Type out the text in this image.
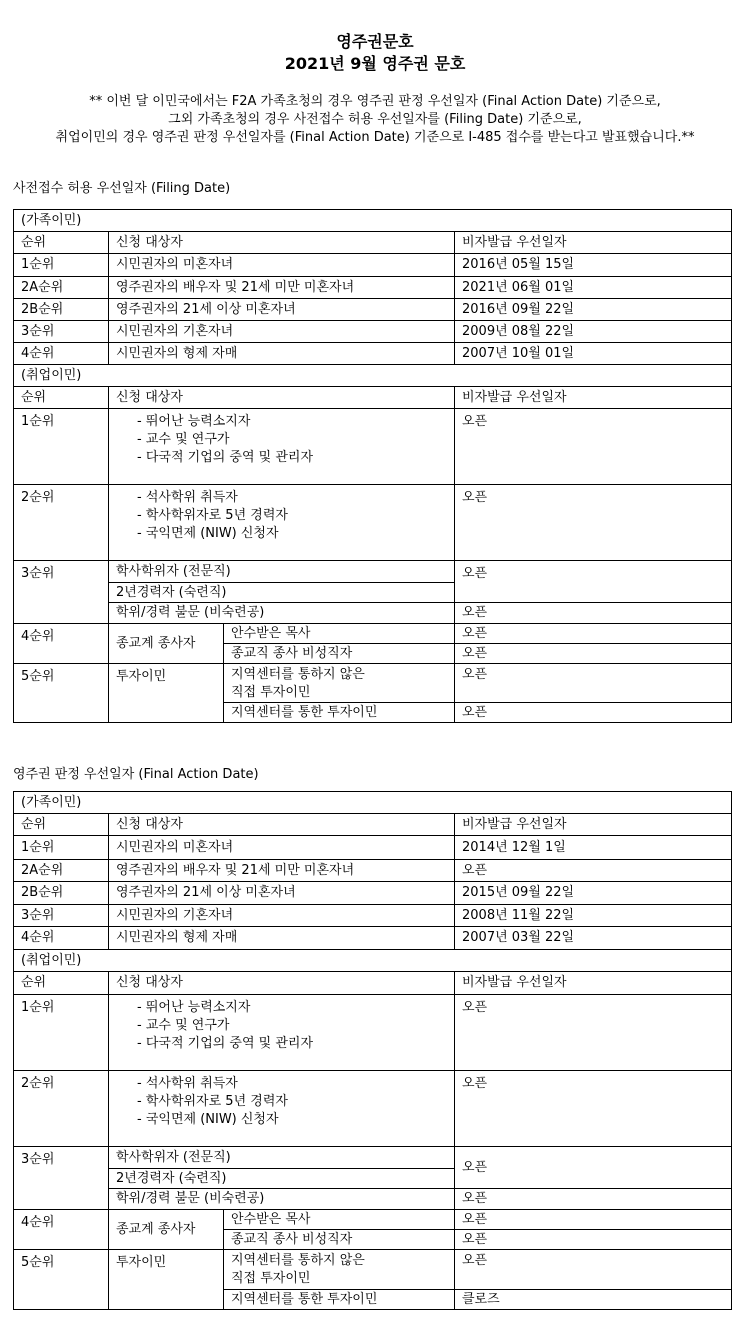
영주권문호
2021년 9월 영주권 문호
** 이번 달 이민국에서는 F2A 가족초청의 경우 영주권 판정 우선일자 (Final Action Date) 기준으로,
그외 가족초청의 경우 사전접수 허용 우선일자를 (Filing Date) 기준으로,
취업이민의 경우 영주권 판정 우선일자를 (Final Action Date) 기준으로 I-485 접수를 받는다고 발표했습니다.**
사전접수 허용 우선일자 (Filing Date)
(가족이민)			
순위	신청 대상자		비자발급 우선일자
1순위	시민권자의 미혼자녀		2016년 05월 15일
2A순위	영주권자의 배우자 및 21세 미만 미혼자녀		2021년 06월 01일
2B순위	영주권자의 21세 이상 미혼자녀		2016년 09월 22일
3순위	시민권자의 기혼자녀		2009년 08월 22일
4순위	시민권자의 형제 자매		2007년 10월 01일
(취업이민)			
순위	신청 대상자		비자발급 우선일자
1순위	- 뛰어난 능력소지자
- 교수 및 연구가
- 다국적 기업의 중역 및 관리자		오픈
2순위	- 석사학위 취득자
- 학사학위자로 5년 경력자
- 국익면제 (NIW) 신청자		오픈
3순위	학사학위자 (전문직)		오픈
	2년경력자 (숙련직)		
	학위/경력 불문 (비숙련공)		오픈
4순위	종교계 종사자	안수받은 목사	오픈
		종교직 종사 비성직자	오픈
5순위	투자이민	지역센터를 통하지 않은
직접 투자이민	오픈
		지역센터를 통한 투자이민	오픈
영주권 판정 우선일자 (Final Action Date)
(가족이민)			
순위	신청 대상자		비자발급 우선일자
1순위	시민권자의 미혼자녀		2014년 12월 1일
2A순위	영주권자의 배우자 및 21세 미만 미혼자녀		오픈
2B순위	영주권자의 21세 이상 미혼자녀		2015년 09월 22일
3순위	시민권자의 기혼자녀		2008년 11월 22일
4순위	시민권자의 형제 자매		2007년 03월 22일
(취업이민)			
순위	신청 대상자		비자발급 우선일자
1순위	- 뛰어난 능력소지자
- 교수 및 연구가
- 다국적 기업의 중역 및 관리자		오픈
2순위	- 석사학위 취득자
- 학사학위자로 5년 경력자
- 국익면제 (NIW) 신청자		오픈
3순위	학사학위자 (전문직)		오픈
	2년경력자 (숙련직)		
	학위/경력 불문 (비숙련공)		오픈
4순위	종교계 종사자	안수받은 목사	오픈
		종교직 종사 비성직자	오픈
5순위	투자이민	지역센터를 통하지 않은
직접 투자이민	오픈
		지역센터를 통한 투자이민	클로즈
